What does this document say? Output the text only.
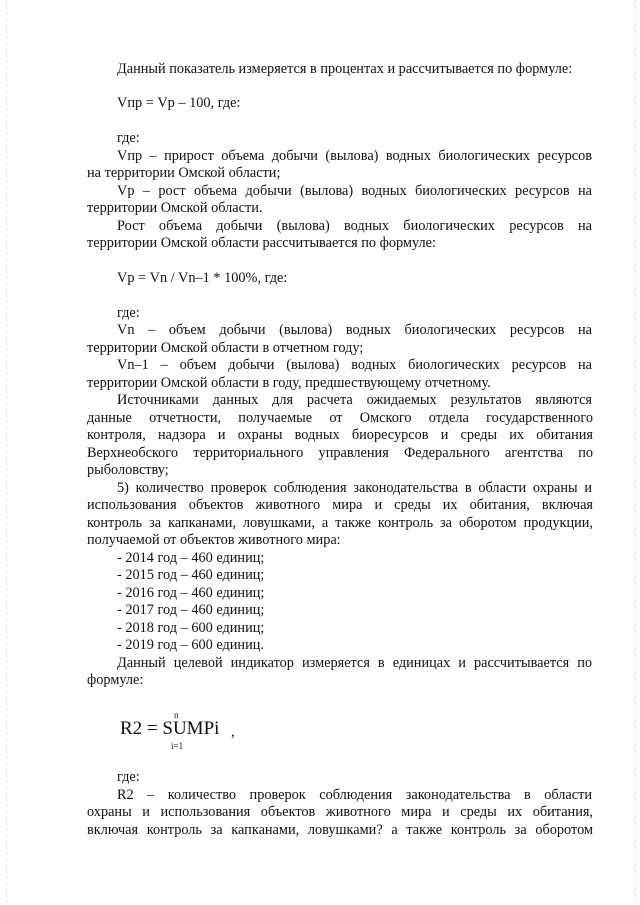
Данный показатель измеряется в процентах и рассчитывается по формуле:
Vпр = Vр – 100, где:
где:
Vпр – прирост объема добычи (вылова) водных биологических ресурсов
на территории Омской области;
Vр – рост объема добычи (вылова) водных биологических ресурсов на
территории Омской области.
Рост объема добычи (вылова) водных биологических ресурсов на
территории Омской области рассчитывается по формуле:
Vр = Vn / Vn–1 * 100%, где:
где:
Vn – объем добычи (вылова) водных биологических ресурсов на
территории Омской области в отчетном году;
Vn–1 – объем добычи (вылова) водных биологических ресурсов на
территории Омской области в году, предшествующему отчетному.
Источниками данных для расчета ожидаемых результатов являются
данные отчетности, получаемые от Омского отдела государственного
контроля, надзора и охраны водных биоресурсов и среды их обитания
Верхнеобского территориального управления Федерального агентства по
рыболовству;
5) количество проверок соблюдения законодательства в области охраны и
использования объектов животного мира и среды их обитания, включая
контроль за капканами, ловушками, а также контроль за оборотом продукции,
получаемой от объектов животного мира:
- 2014 год – 460 единиц;
- 2015 год – 460 единиц;
- 2016 год – 460 единиц;
- 2017 год – 460 единиц;
- 2018 год – 600 единиц;
- 2019 год – 600 единиц.
Данный целевой индикатор измеряется в единицах и рассчитывается по
формуле:
n
R2 = SUMPi
i=1
,
где:
R2 – количество проверок соблюдения законодательства в области
охраны и использования объектов животного мира и среды их обитания,
включая контроль за капканами, ловушками? а также контроль за оборотом
